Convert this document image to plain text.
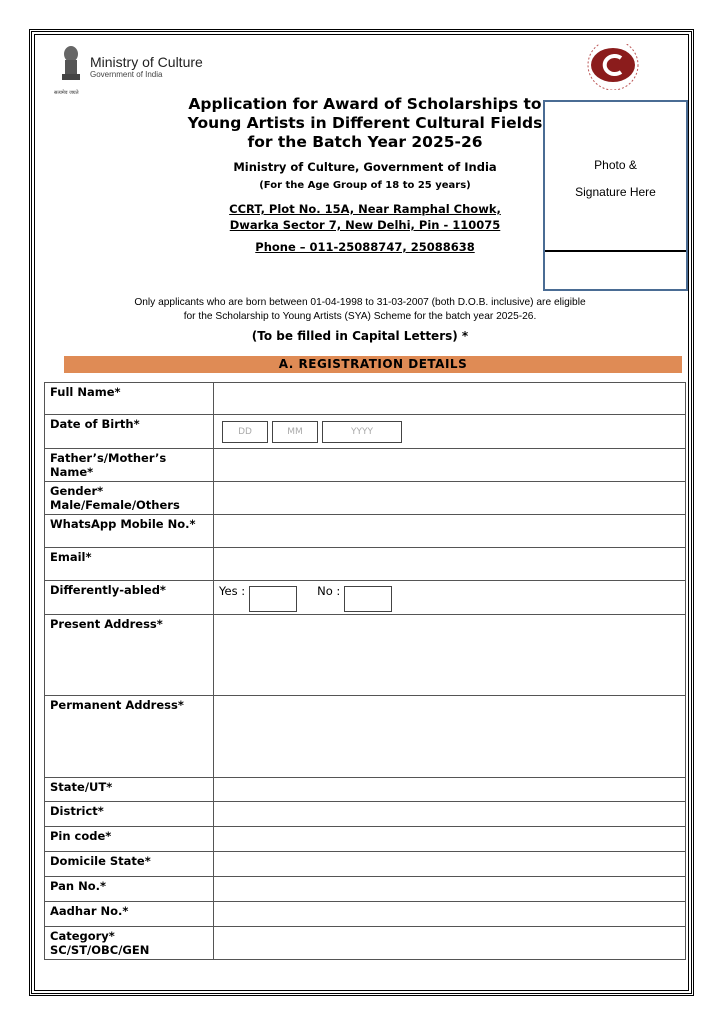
Ministry of Culture
Government of India
सत्यमेव जयते
Application for Award of Scholarships to Young Artists in Different Cultural Fields for the Batch Year 2025-26
Ministry of Culture, Government of India
(For the Age Group of 18 to 25 years)
CCRT, Plot No. 15A, Near Ramphal Chowk,
Dwarka Sector 7, New Delhi, Pin - 110075
Phone – 011-25088747, 25088638
Photo &
Signature Here
Only applicants who are born between 01-04-1998 to 31-03-2007 (both D.O.B. inclusive) are eligible
for the Scholarship to Young Artists (SYA) Scheme for the batch year 2025-26.
(To be filled in Capital Letters) *
A. REGISTRATION DETAILS
Full Name*	
Date of Birth*	DD MM YYYY
Father’s/Mother’s Name*	
Gender* Male/Female/Others	
WhatsApp Mobile No.*	
Email*	
Differently-abled*	Yes : No :

Present Address*	
Permanent Address*	
State/UT*	
District*	
Pin code*	
Domicile State*	
Pan No.*	
Aadhar No.*	
Category* SC/ST/OBC/GEN	
